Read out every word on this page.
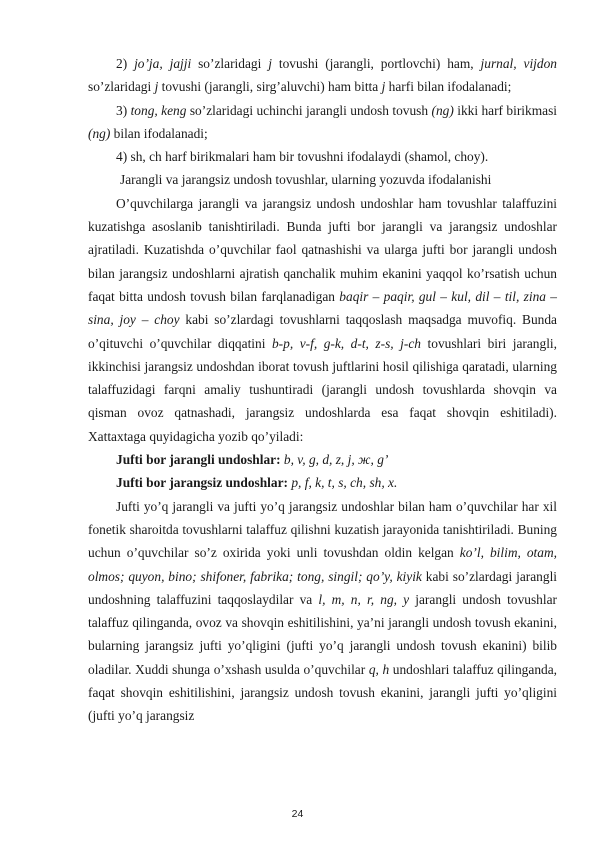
2) jo’ja, jajji so’zlaridagi j tovushi (jarangli, portlovchi) ham, jurnal, vijdon so’zlaridagi j tovushi (jarangli, sirg’aluvchi) ham bitta j harfi bilan ifodalanadi;

3) tong, keng so’zlaridagi uchinchi jarangli undosh tovush (ng) ikki harf birikmasi (ng) bilan ifodalanadi;

4) sh, ch harf birikmalari ham bir tovushni ifodalaydi (shamol, choy).

Jarangli va jarangsiz undosh tovushlar, ularning yozuvda ifodalanishi

O’quvchilarga jarangli va jarangsiz undosh undoshlar ham tovushlar talaffuzini kuzatishga asoslanib tanishtiriladi. Bunda jufti bor jarangli va jarangsiz undoshlar ajratiladi. Kuzatishda o’quvchilar faol qatnashishi va ularga jufti bor jarangli undosh bilan jarangsiz undoshlarni ajratish qanchalik muhim ekanini yaqqol ko’rsatish uchun faqat bitta undosh tovush bilan farqlanadigan baqir – paqir, gul – kul, dil – til, zina – sina, joy – choy kabi so’zlardagi tovushlarni taqqoslash maqsadga muvofiq. Bunda o’qituvchi o’quvchilar diqqatini b-p, v-f, g-k, d-t, z-s, j-ch tovushlari biri jarangli, ikkinchisi jarangsiz undoshdan iborat tovush juftlarini hosil qilishiga qaratadi, ularning talaffuzidagi farqni amaliy tushuntiradi (jarangli undosh tovushlarda shovqin va qisman ovoz qatnashadi, jarangsiz undoshlarda esa faqat shovqin eshitiladi). Xattaxtaga quyidagicha yozib qo’yiladi:

Jufti bor jarangli undoshlar: b, v, g, d, z, j, ж, g’

Jufti bor jarangsiz undoshlar: p, f, k, t, s, ch, sh, x.

Jufti yo’q jarangli va jufti yo’q jarangsiz undoshlar bilan ham o’quvchilar har xil fonetik sharoitda tovushlarni talaffuz qilishni kuzatish jarayonida tanishtiriladi. Buning uchun o’quvchilar so’z oxirida yoki unli tovushdan oldin kelgan ko’l, bilim, otam, olmos; quyon, bino; shifoner, fabrika; tong, singil; qo’y, kiyik kabi so’zlardagi jarangli undoshning talaffuzini taqqoslaydilar va l, m, n, r, ng, y jarangli undosh tovushlar talaffuz qilinganda, ovoz va shovqin eshitilishini, ya’ni jarangli undosh tovush ekanini, bularning jarangsiz jufti yo’qligini (jufti yo’q jarangli undosh tovush ekanini) bilib oladilar. Xuddi shunga o’xshash usulda o’quvchilar q, h undoshlari talaffuz qilinganda, faqat shovqin eshitilishini, jarangsiz undosh tovush ekanini, jarangli jufti yo’qligini (jufti yo’q jarangsiz

24
